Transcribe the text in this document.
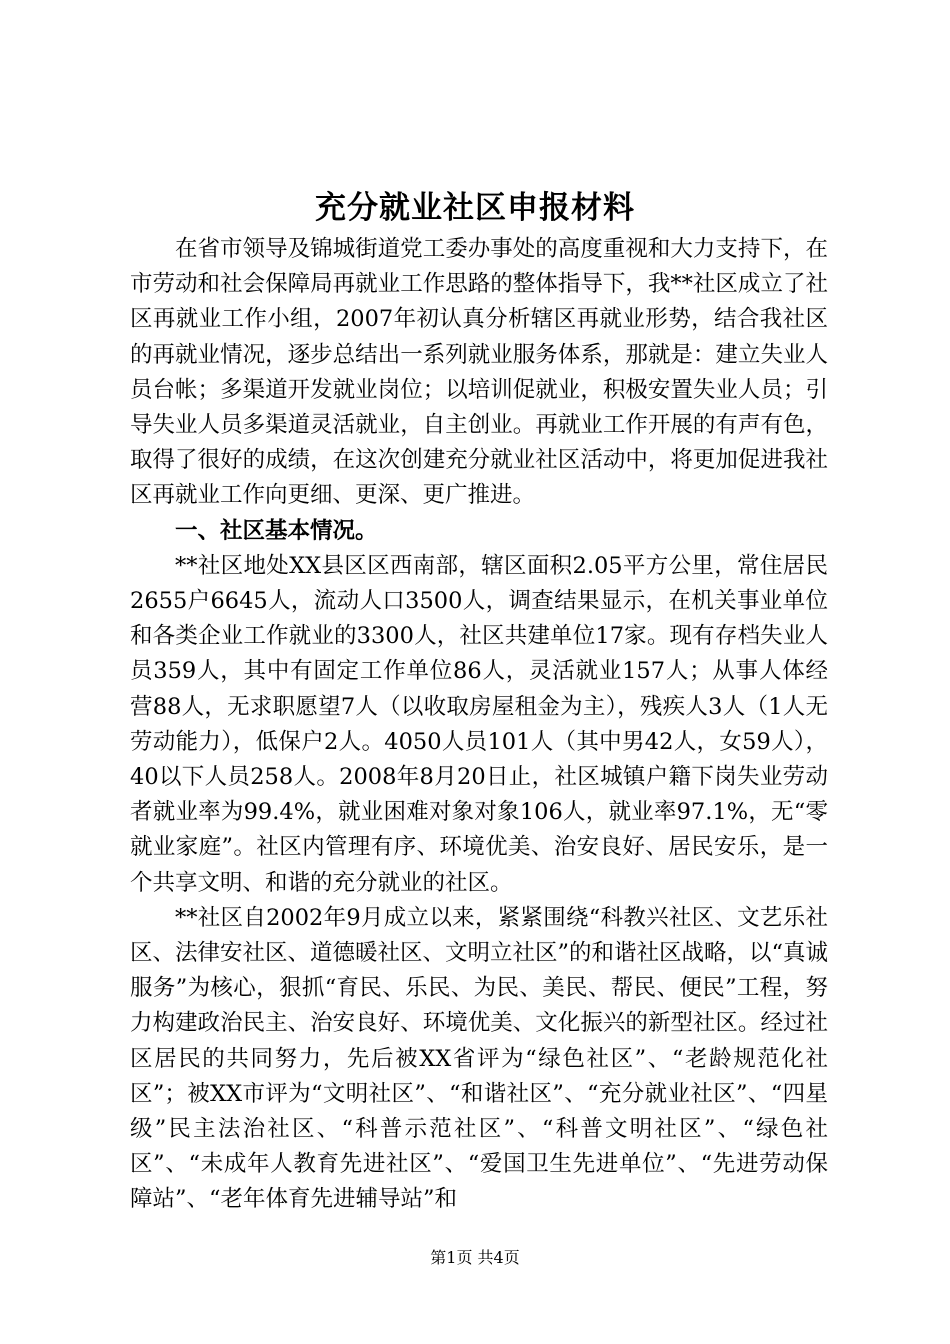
充分就业社区申报材料

在省市领导及锦城街道党工委办事处的高度重视和大力支持下，在市劳动和社会保障局再就业工作思路的整体指导下，我**社区成立了社区再就业工作小组，2007年初认真分析辖区再就业形势，结合我社区的再就业情况，逐步总结出一系列就业服务体系，那就是：建立失业人员台帐；多渠道开发就业岗位；以培训促就业，积极安置失业人员；引导失业人员多渠道灵活就业，自主创业。再就业工作开展的有声有色，取得了很好的成绩，在这次创建充分就业社区活动中，将更加促进我社区再就业工作向更细、更深、更广推进。

一、社区基本情况。

**社区地处XX县区区西南部，辖区面积2.05平方公里，常住居民2655户6645人，流动人口3500人，调查结果显示，在机关事业单位和各类企业工作就业的3300人，社区共建单位17家。现有存档失业人员359人，其中有固定工作单位86人，灵活就业157人；从事人体经营88人，无求职愿望7人（以收取房屋租金为主），残疾人3人（1人无劳动能力），低保户2人。4050人员101人（其中男42人，女59人），40以下人员258人。2008年8月20日止，社区城镇户籍下岗失业劳动者就业率为99.4%，就业困难对象对象106人，就业率97.1%，无“零就业家庭”。社区内管理有序、环境优美、治安良好、居民安乐，是一个共享文明、和谐的充分就业的社区。

**社区自2002年9月成立以来，紧紧围绕“科教兴社区、文艺乐社区、法律安社区、道德暖社区、文明立社区”的和谐社区战略，以“真诚服务”为核心，狠抓“育民、乐民、为民、美民、帮民、便民”工程，努力构建政治民主、治安良好、环境优美、文化振兴的新型社区。经过社区居民的共同努力，先后被XX省评为“绿色社区”、“老龄规范化社区”；被XX市评为“文明社区”、“和谐社区”、“充分就业社区”、“四星级”民主法治社区、“科普示范社区”、“科普文明社区”、“绿色社区”、“未成年人教育先进社区”、“爱国卫生先进单位”、“先进劳动保障站”、“老年体育先进辅导站”和

第1页 共4页
